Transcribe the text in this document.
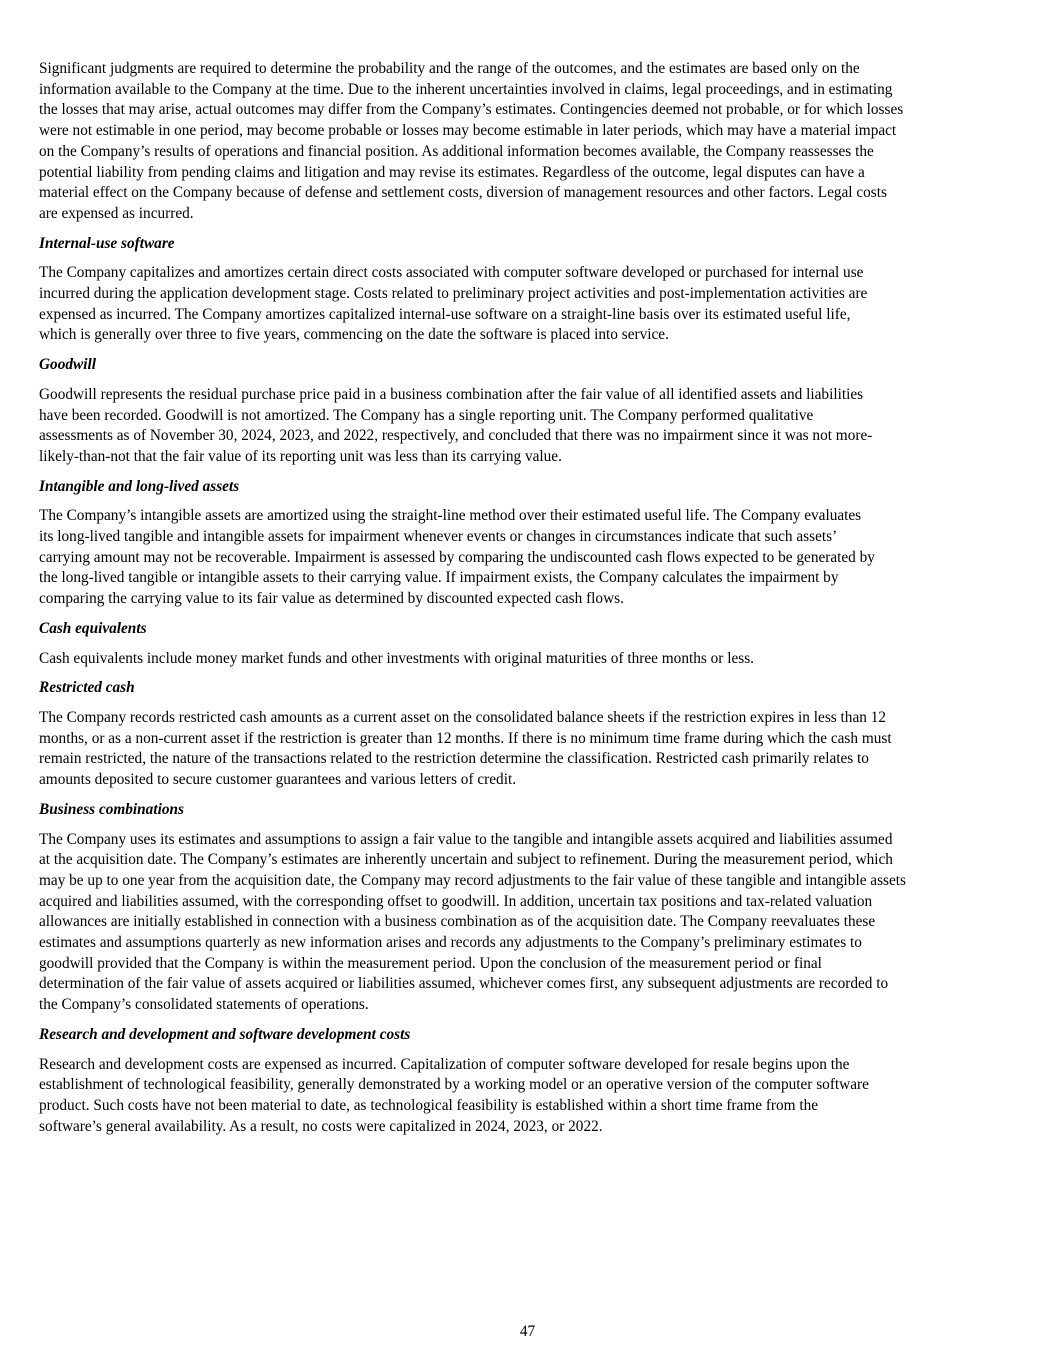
Significant judgments are required to determine the probability and the range of the outcomes, and the estimates are based only on the
information available to the Company at the time. Due to the inherent uncertainties involved in claims, legal proceedings, and in estimating
the losses that may arise, actual outcomes may differ from the Company’s estimates. Contingencies deemed not probable, or for which losses
were not estimable in one period, may become probable or losses may become estimable in later periods, which may have a material impact
on the Company’s results of operations and financial position. As additional information becomes available, the Company reassesses the
potential liability from pending claims and litigation and may revise its estimates. Regardless of the outcome, legal disputes can have a
material effect on the Company because of defense and settlement costs, diversion of management resources and other factors. Legal costs
are expensed as incurred.

Internal-use software

The Company capitalizes and amortizes certain direct costs associated with computer software developed or purchased for internal use
incurred during the application development stage. Costs related to preliminary project activities and post-implementation activities are
expensed as incurred. The Company amortizes capitalized internal-use software on a straight-line basis over its estimated useful life,
which is generally over three to five years, commencing on the date the software is placed into service.

Goodwill

Goodwill represents the residual purchase price paid in a business combination after the fair value of all identified assets and liabilities
have been recorded. Goodwill is not amortized. The Company has a single reporting unit. The Company performed qualitative
assessments as of November 30, 2024, 2023, and 2022, respectively, and concluded that there was no impairment since it was not more-
likely-than-not that the fair value of its reporting unit was less than its carrying value.

Intangible and long-lived assets

The Company’s intangible assets are amortized using the straight-line method over their estimated useful life. The Company evaluates
its long-lived tangible and intangible assets for impairment whenever events or changes in circumstances indicate that such assets’
carrying amount may not be recoverable. Impairment is assessed by comparing the undiscounted cash flows expected to be generated by
the long-lived tangible or intangible assets to their carrying value. If impairment exists, the Company calculates the impairment by
comparing the carrying value to its fair value as determined by discounted expected cash flows.

Cash equivalents

Cash equivalents include money market funds and other investments with original maturities of three months or less.

Restricted cash

The Company records restricted cash amounts as a current asset on the consolidated balance sheets if the restriction expires in less than 12
months, or as a non-current asset if the restriction is greater than 12 months. If there is no minimum time frame during which the cash must
remain restricted, the nature of the transactions related to the restriction determine the classification. Restricted cash primarily relates to
amounts deposited to secure customer guarantees and various letters of credit.

Business combinations

The Company uses its estimates and assumptions to assign a fair value to the tangible and intangible assets acquired and liabilities assumed
at the acquisition date. The Company’s estimates are inherently uncertain and subject to refinement. During the measurement period, which
may be up to one year from the acquisition date, the Company may record adjustments to the fair value of these tangible and intangible assets
acquired and liabilities assumed, with the corresponding offset to goodwill. In addition, uncertain tax positions and tax-related valuation
allowances are initially established in connection with a business combination as of the acquisition date. The Company reevaluates these
estimates and assumptions quarterly as new information arises and records any adjustments to the Company’s preliminary estimates to
goodwill provided that the Company is within the measurement period. Upon the conclusion of the measurement period or final
determination of the fair value of assets acquired or liabilities assumed, whichever comes first, any subsequent adjustments are recorded to
the Company’s consolidated statements of operations.

Research and development and software development costs

Research and development costs are expensed as incurred. Capitalization of computer software developed for resale begins upon the
establishment of technological feasibility, generally demonstrated by a working model or an operative version of the computer software
product. Such costs have not been material to date, as technological feasibility is established within a short time frame from the
software’s general availability. As a result, no costs were capitalized in 2024, 2023, or 2022.

47
